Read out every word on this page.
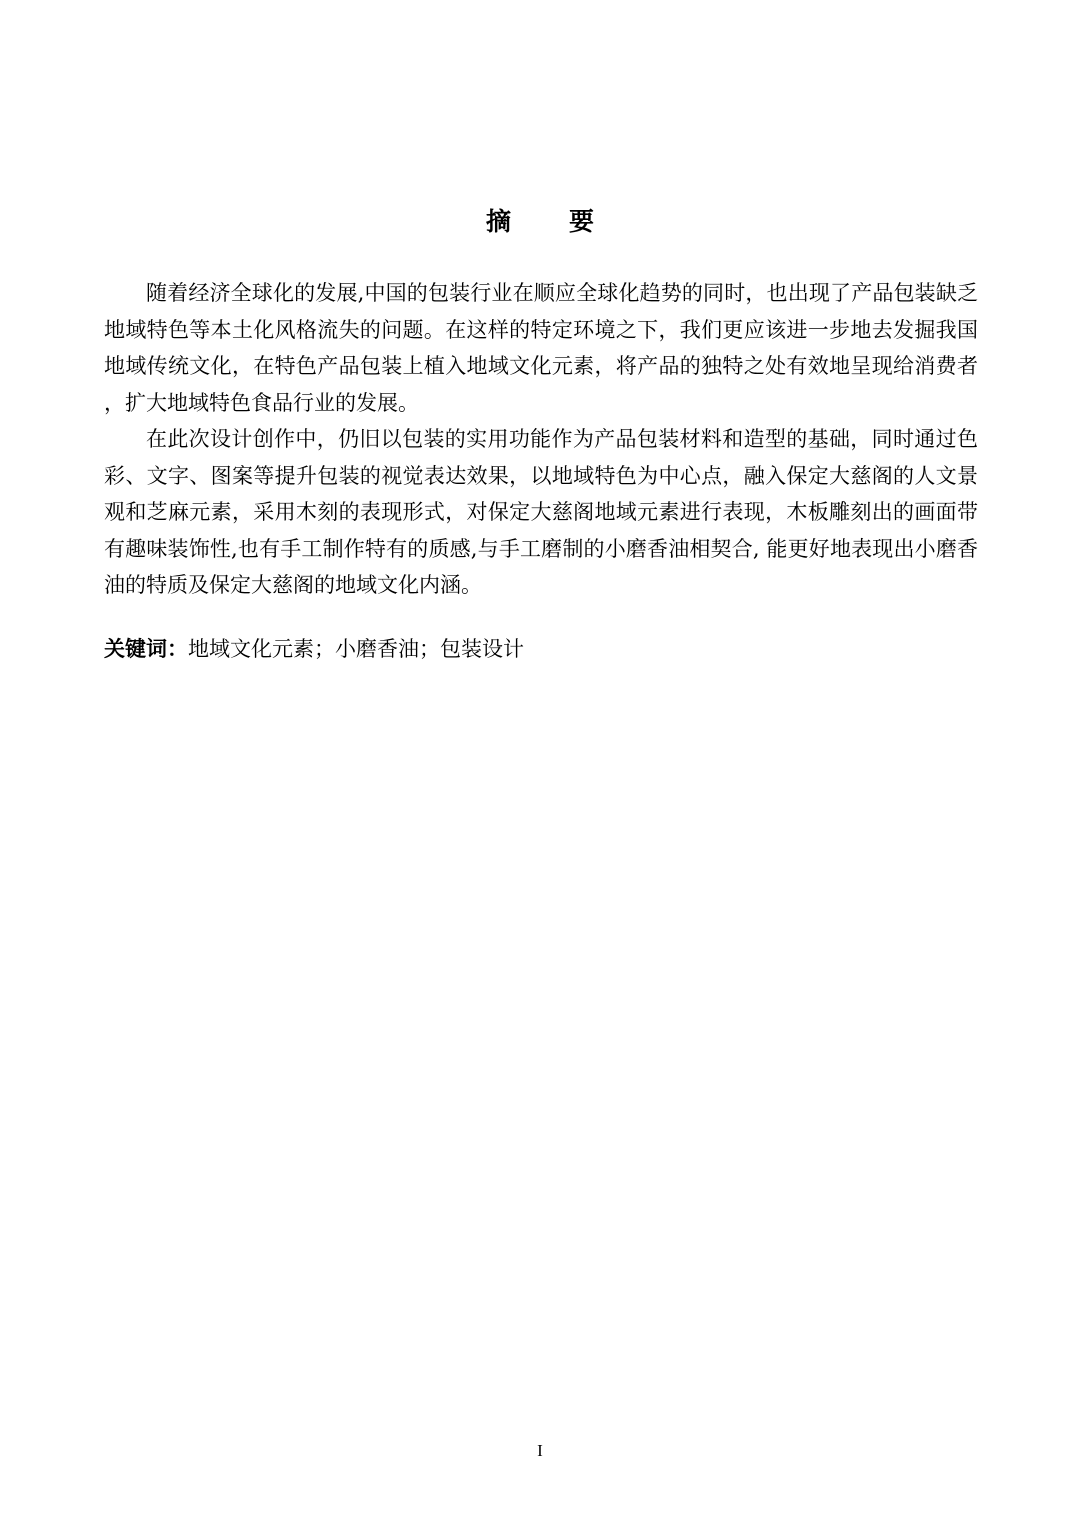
摘要

随着经济全球化的发展,中国的包装行业在顺应全球化趋势的同时，也出现了产品包装缺乏地域特色等本土化风格流失的问题。在这样的特定环境之下，我们更应该进一步地去发掘我国地域传统文化，在特色产品包装上植入地域文化元素，将产品的独特之处有效地呈现给消费者 ，扩大地域特色食品行业的发展。

在此次设计创作中，仍旧以包装的实用功能作为产品包装材料和造型的基础，同时通过色彩、文字、图案等提升包装的视觉表达效果，以地域特色为中心点，融入保定大慈阁的人文景观和芝麻元素，采用木刻的表现形式，对保定大慈阁地域元素进行表现，木板雕刻出的画面带有趣味装饰性,也有手工制作特有的质感,与手工磨制的小磨香油相契合, 能更好地表现出小磨香油的特质及保定大慈阁的地域文化内涵。

关键词：地域文化元素；小磨香油；包装设计
I
